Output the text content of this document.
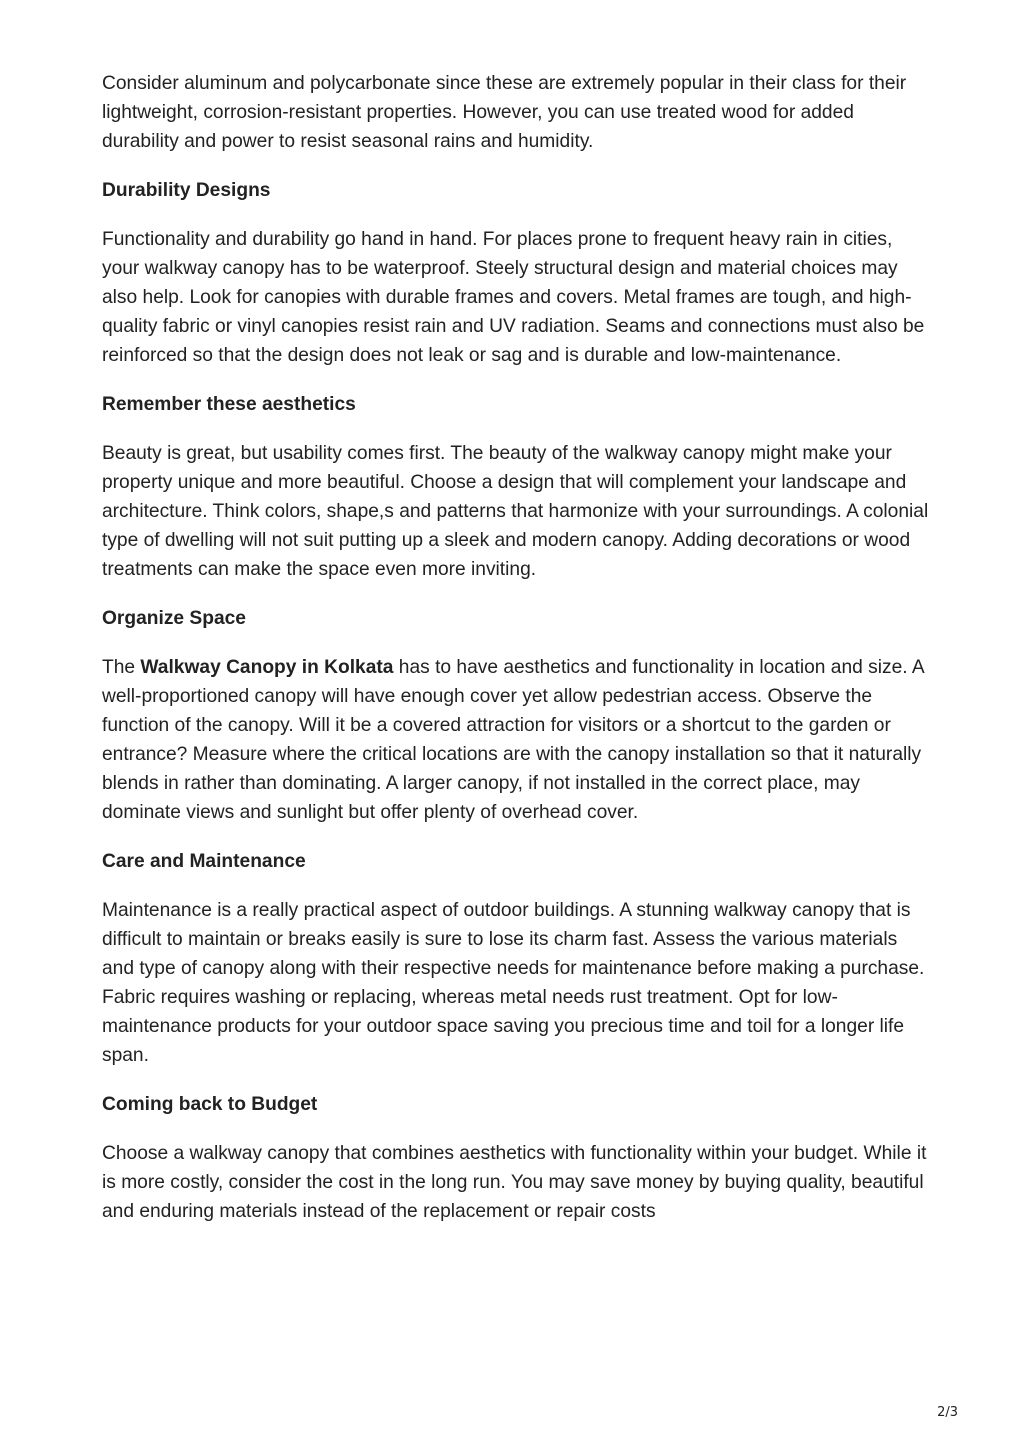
Consider aluminum and polycarbonate since these are extremely popular in their class for their lightweight, corrosion-resistant properties. However, you can use treated wood for added durability and power to resist seasonal rains and humidity.

Durability Designs

Functionality and durability go hand in hand. For places prone to frequent heavy rain in cities, your walkway canopy has to be waterproof. Steely structural design and material choices may also help. Look for canopies with durable frames and covers. Metal frames are tough, and high-quality fabric or vinyl canopies resist rain and UV radiation. Seams and connections must also be reinforced so that the design does not leak or sag and is durable and low-maintenance.

Remember these aesthetics

Beauty is great, but usability comes first. The beauty of the walkway canopy might make your property unique and more beautiful. Choose a design that will complement your landscape and architecture. Think colors, shape,s and patterns that harmonize with your surroundings. A colonial type of dwelling will not suit putting up a sleek and modern canopy. Adding decorations or wood treatments can make the space even more inviting.

Organize Space

The Walkway Canopy in Kolkata has to have aesthetics and functionality in location and size. A well-proportioned canopy will have enough cover yet allow pedestrian access. Observe the function of the canopy. Will it be a covered attraction for visitors or a shortcut to the garden or entrance? Measure where the critical locations are with the canopy installation so that it naturally blends in rather than dominating. A larger canopy, if not installed in the correct place, may dominate views and sunlight but offer plenty of overhead cover.

Care and Maintenance

Maintenance is a really practical aspect of outdoor buildings. A stunning walkway canopy that is difficult to maintain or breaks easily is sure to lose its charm fast. Assess the various materials and type of canopy along with their respective needs for maintenance before making a purchase. Fabric requires washing or replacing, whereas metal needs rust treatment. Opt for low-maintenance products for your outdoor space saving you precious time and toil for a longer life span.

Coming back to Budget

Choose a walkway canopy that combines aesthetics with functionality within your budget. While it is more costly, consider the cost in the long run. You may save money by buying quality, beautiful and enduring materials instead of the replacement or repair costs

2/3
